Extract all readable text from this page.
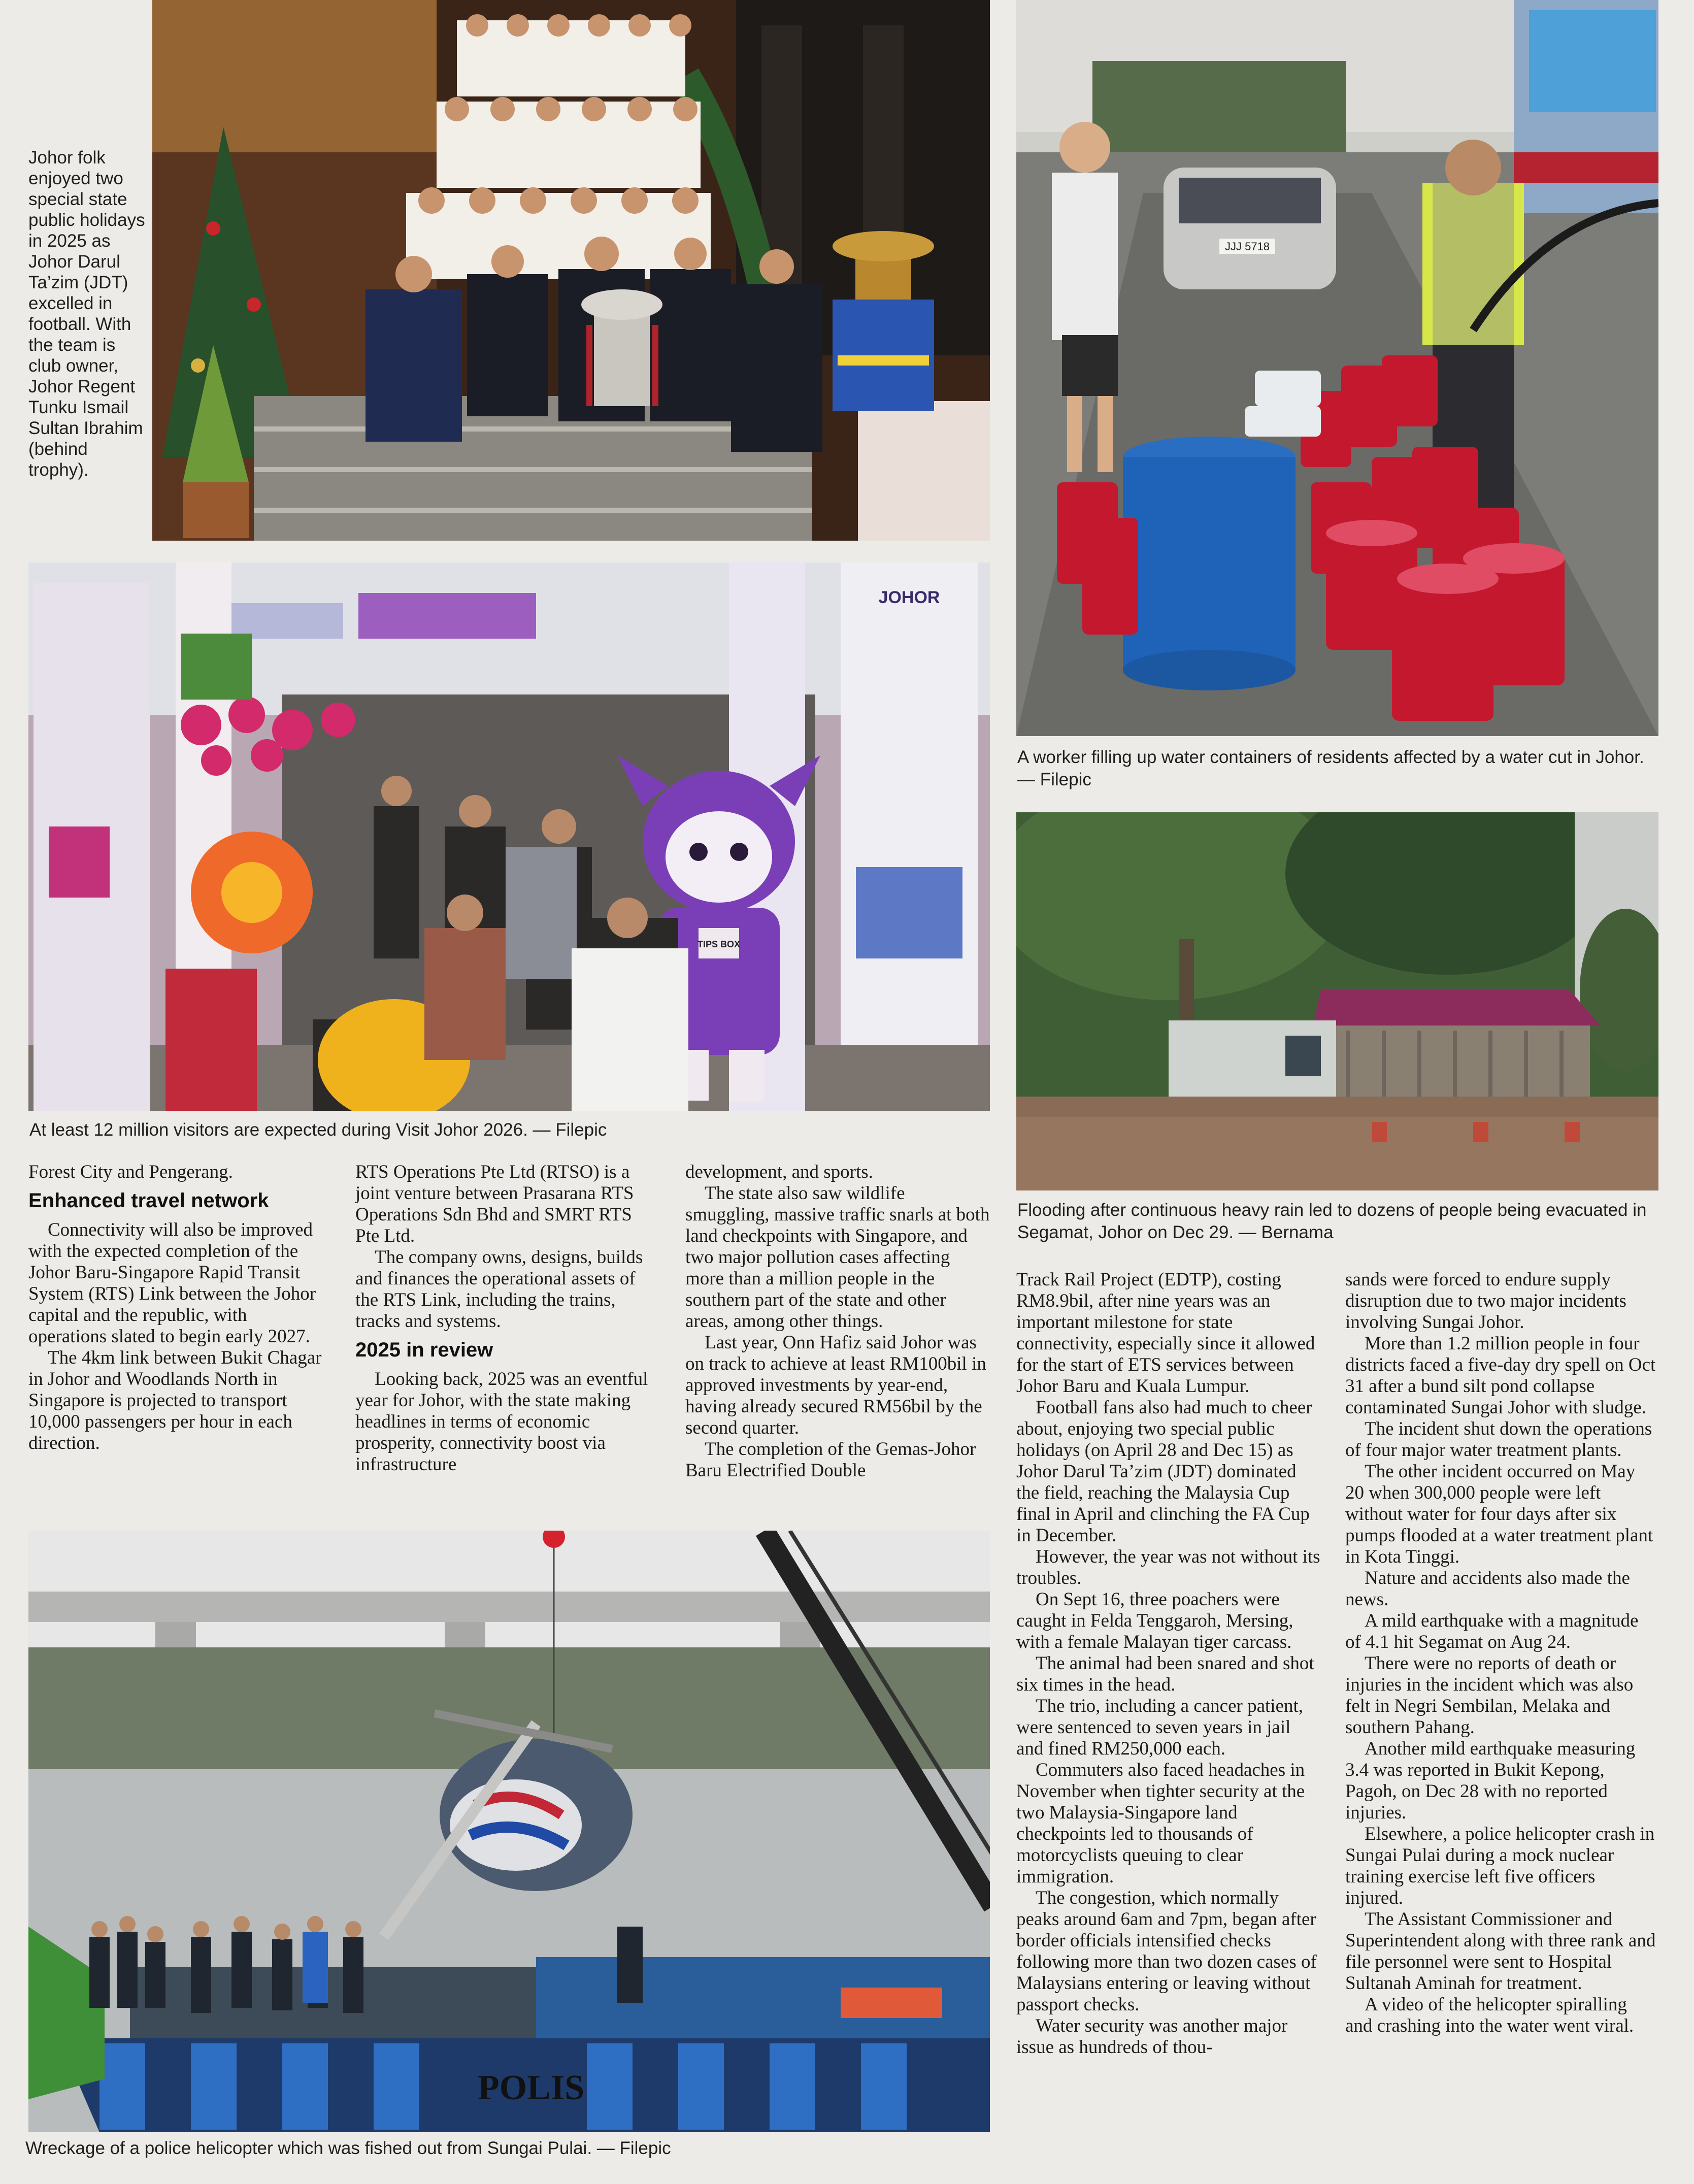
Johor folk enjoyed two special state public holidays in 2025 as Johor Darul Ta’zim (JDT) excelled in football. With the team is club owner, Johor Regent Tunku Ismail Sultan Ibrahim (behind trophy).
JJJ 5718
A worker filling up water containers of residents affected by a water cut in Johor. — Filepic
JOHOR
TIPS BOX
At least 12 million visitors are expected during Visit Johor 2026. — Filepic
Flooding after continuous heavy rain led to dozens of people being evacuated in Segamat, Johor on Dec 29. — Bernama

Forest City and Pengerang.

Enhanced travel network

Connectivity will also be improved with the expected completion of the Johor Baru-Singapore Rapid Transit System (RTS) Link between the Johor capital and the republic, with operations slated to begin early 2027.

The 4km link between Bukit Chagar in Johor and Woodlands North in Singapore is projected to transport 10,000 passengers per hour in each direction.

RTS Operations Pte Ltd (RTSO) is a joint venture between Prasarana RTS Operations Sdn Bhd and SMRT RTS Pte Ltd.

The company owns, designs, builds and finances the operational assets of the RTS Link, including the trains, tracks and systems.

2025 in review

Looking back, 2025 was an eventful year for Johor, with the state making headlines in terms of economic prosperity, connectivity boost via infrastructure

development, and sports.

The state also saw wildlife smuggling, massive traffic snarls at both land checkpoints with Singapore, and two major pollution cases affecting more than a million people in the southern part of the state and other areas, among other things.

Last year, Onn Hafiz said Johor was on track to achieve at least RM100bil in approved investments by year-end, having already secured RM56bil by the second quarter.

The completion of the Gemas-Johor Baru Electrified Double

Track Rail Project (EDTP), costing RM8.9bil, after nine years was an important milestone for state connectivity, especially since it allowed for the start of ETS services between Johor Baru and Kuala Lumpur.

Football fans also had much to cheer about, enjoying two special public holidays (on April 28 and Dec 15) as Johor Darul Ta’zim (JDT) dominated the field, reaching the Malaysia Cup final in April and clinching the FA Cup in December.

However, the year was not without its troubles.

On Sept 16, three poachers were caught in Felda Tenggaroh, Mersing, with a female Malayan tiger carcass.

The animal had been snared and shot six times in the head.

The trio, including a cancer patient, were sentenced to seven years in jail and fined RM250,000 each.

Commuters also faced headaches in November when tighter security at the two Malaysia-Singapore land checkpoints led to thousands of motorcyclists queuing to clear immigration.

The congestion, which normally peaks around 6am and 7pm, began after border officials intensified checks following more than two dozen cases of Malaysians entering or leaving without passport checks.

Water security was another major issue as hundreds of thou-

sands were forced to endure supply disruption due to two major incidents involving Sungai Johor.

More than 1.2 million people in four districts faced a five-day dry spell on Oct 31 after a bund silt pond collapse contaminated Sungai Johor with sludge.

The incident shut down the operations of four major water treatment plants.

The other incident occurred on May 20 when 300,000 people were left without water for four days after six pumps flooded at a water treatment plant in Kota Tinggi.

Nature and accidents also made the news.

A mild earthquake with a magnitude of 4.1 hit Segamat on Aug 24.

There were no reports of death or injuries in the incident which was also felt in Negri Sembilan, Melaka and southern Pahang.

Another mild earthquake measuring 3.4 was reported in Bukit Kepong, Pagoh, on Dec 28 with no reported injuries.

Elsewhere, a police helicopter crash in Sungai Pulai during a mock nuclear training exercise left five officers injured.

The Assistant Commissioner and Superintendent along with three rank and file personnel were sent to Hospital Sultanah Aminah for treatment.

A video of the helicopter spiralling and crashing into the water went viral.

POLIS
Wreckage of a police helicopter which was fished out from Sungai Pulai. — Filepic
